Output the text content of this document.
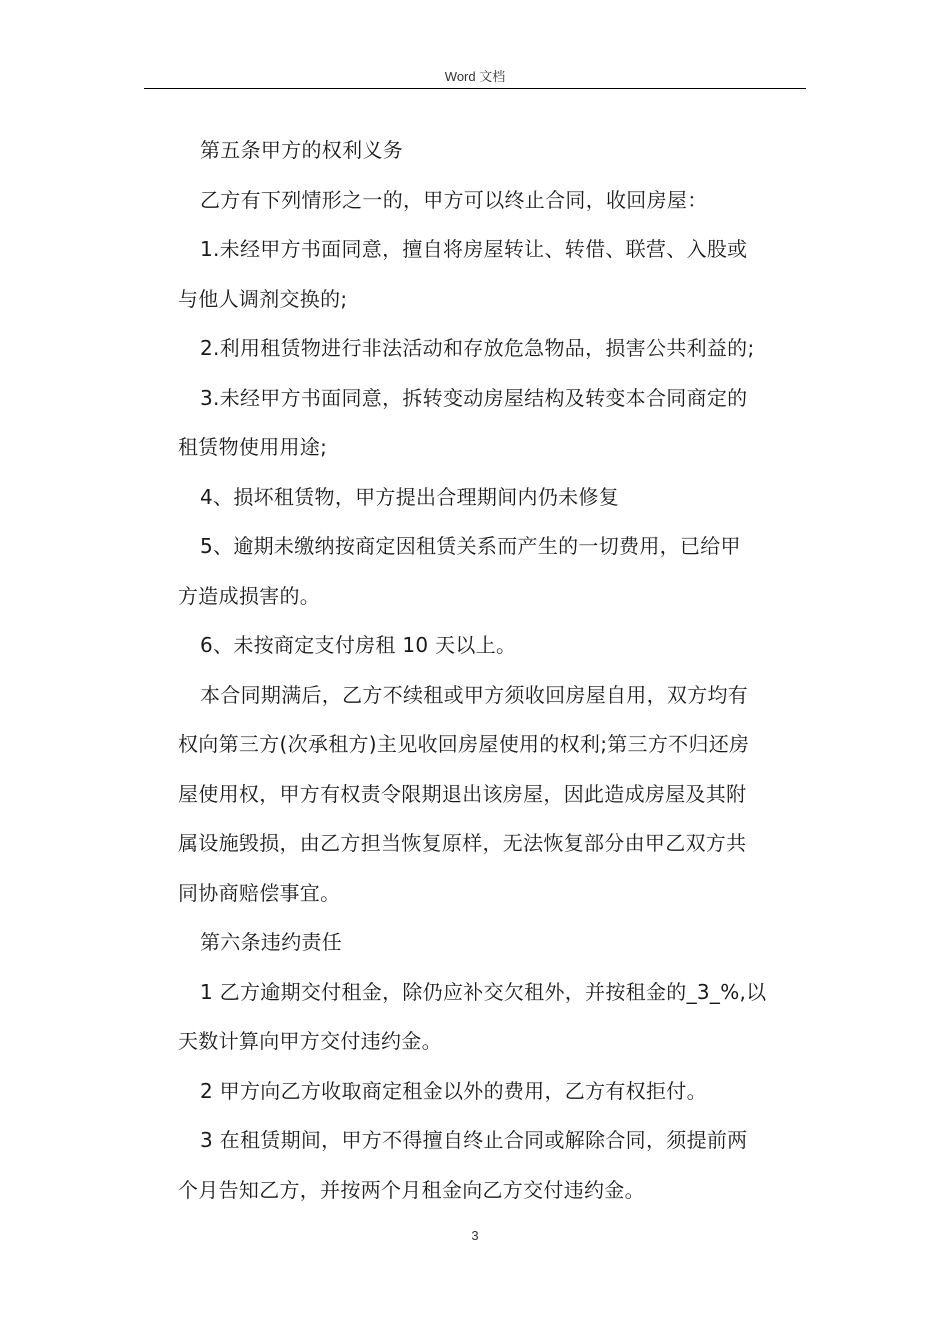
Word 文档

第五条甲方的权利义务

乙方有下列情形之一的，甲方可以终止合同，收回房屋：

1.未经甲方书面同意，擅自将房屋转让、转借、联营、入股或

与他人调剂交换的;

2.利用租赁物进行非法活动和存放危急物品，损害公共利益的;

3.未经甲方书面同意，拆转变动房屋结构及转变本合同商定的

租赁物使用用途;

4、损坏租赁物，甲方提出合理期间内仍未修复

5、逾期未缴纳按商定因租赁关系而产生的一切费用，已给甲

方造成损害的。

6、未按商定支付房租 10 天以上。

本合同期满后，乙方不续租或甲方须收回房屋自用，双方均有

权向第三方(次承租方)主见收回房屋使用的权利;第三方不归还房

屋使用权，甲方有权责令限期退出该房屋，因此造成房屋及其附

属设施毁损，由乙方担当恢复原样，无法恢复部分由甲乙双方共

同协商赔偿事宜。

第六条违约责任

1 乙方逾期交付租金，除仍应补交欠租外，并按租金的_3_%,以

天数计算向甲方交付违约金。

2 甲方向乙方收取商定租金以外的费用，乙方有权拒付。

3 在租赁期间，甲方不得擅自终止合同或解除合同，须提前两

个月告知乙方，并按两个月租金向乙方交付违约金。

3
